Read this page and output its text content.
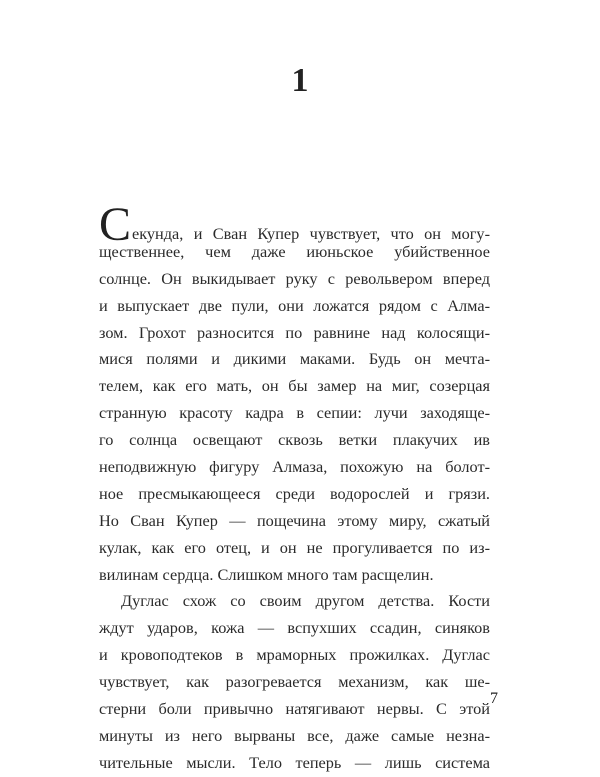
1
Секунда, и Сван Купер чувствует, что он могу-
щественнее, чем даже июньское убийственное
солнце. Он выкидывает руку с револьвером вперед
и выпускает две пули, они ложатся рядом с Алма-
зом. Грохот разносится по равнине над колосящи-
мися полями и дикими маками. Будь он мечта-
телем, как его мать, он бы замер на миг, созерцая
странную красоту кадра в сепии: лучи заходяще-
го солнца освещают сквозь ветки плакучих ив
неподвижную фигуру Алмаза, похожую на болот-
ное пресмыкающееся среди водорослей и грязи.
Но Сван Купер — пощечина этому миру, сжатый
кулак, как его отец, и он не прогуливается по из-
вилинам сердца. Слишком много там расщелин.
Дуглас схож со своим другом детства. Кости
ждут ударов, кожа — вспухших ссадин, синяков
и кровоподтеков в мраморных прожилках. Дуглас
чувствует, как разогревается механизм, как ше-
стерни боли привычно натягивают нервы. С этой
минуты из него вырваны все, даже самые незна-
чительные мысли. Тело теперь — лишь система
7
